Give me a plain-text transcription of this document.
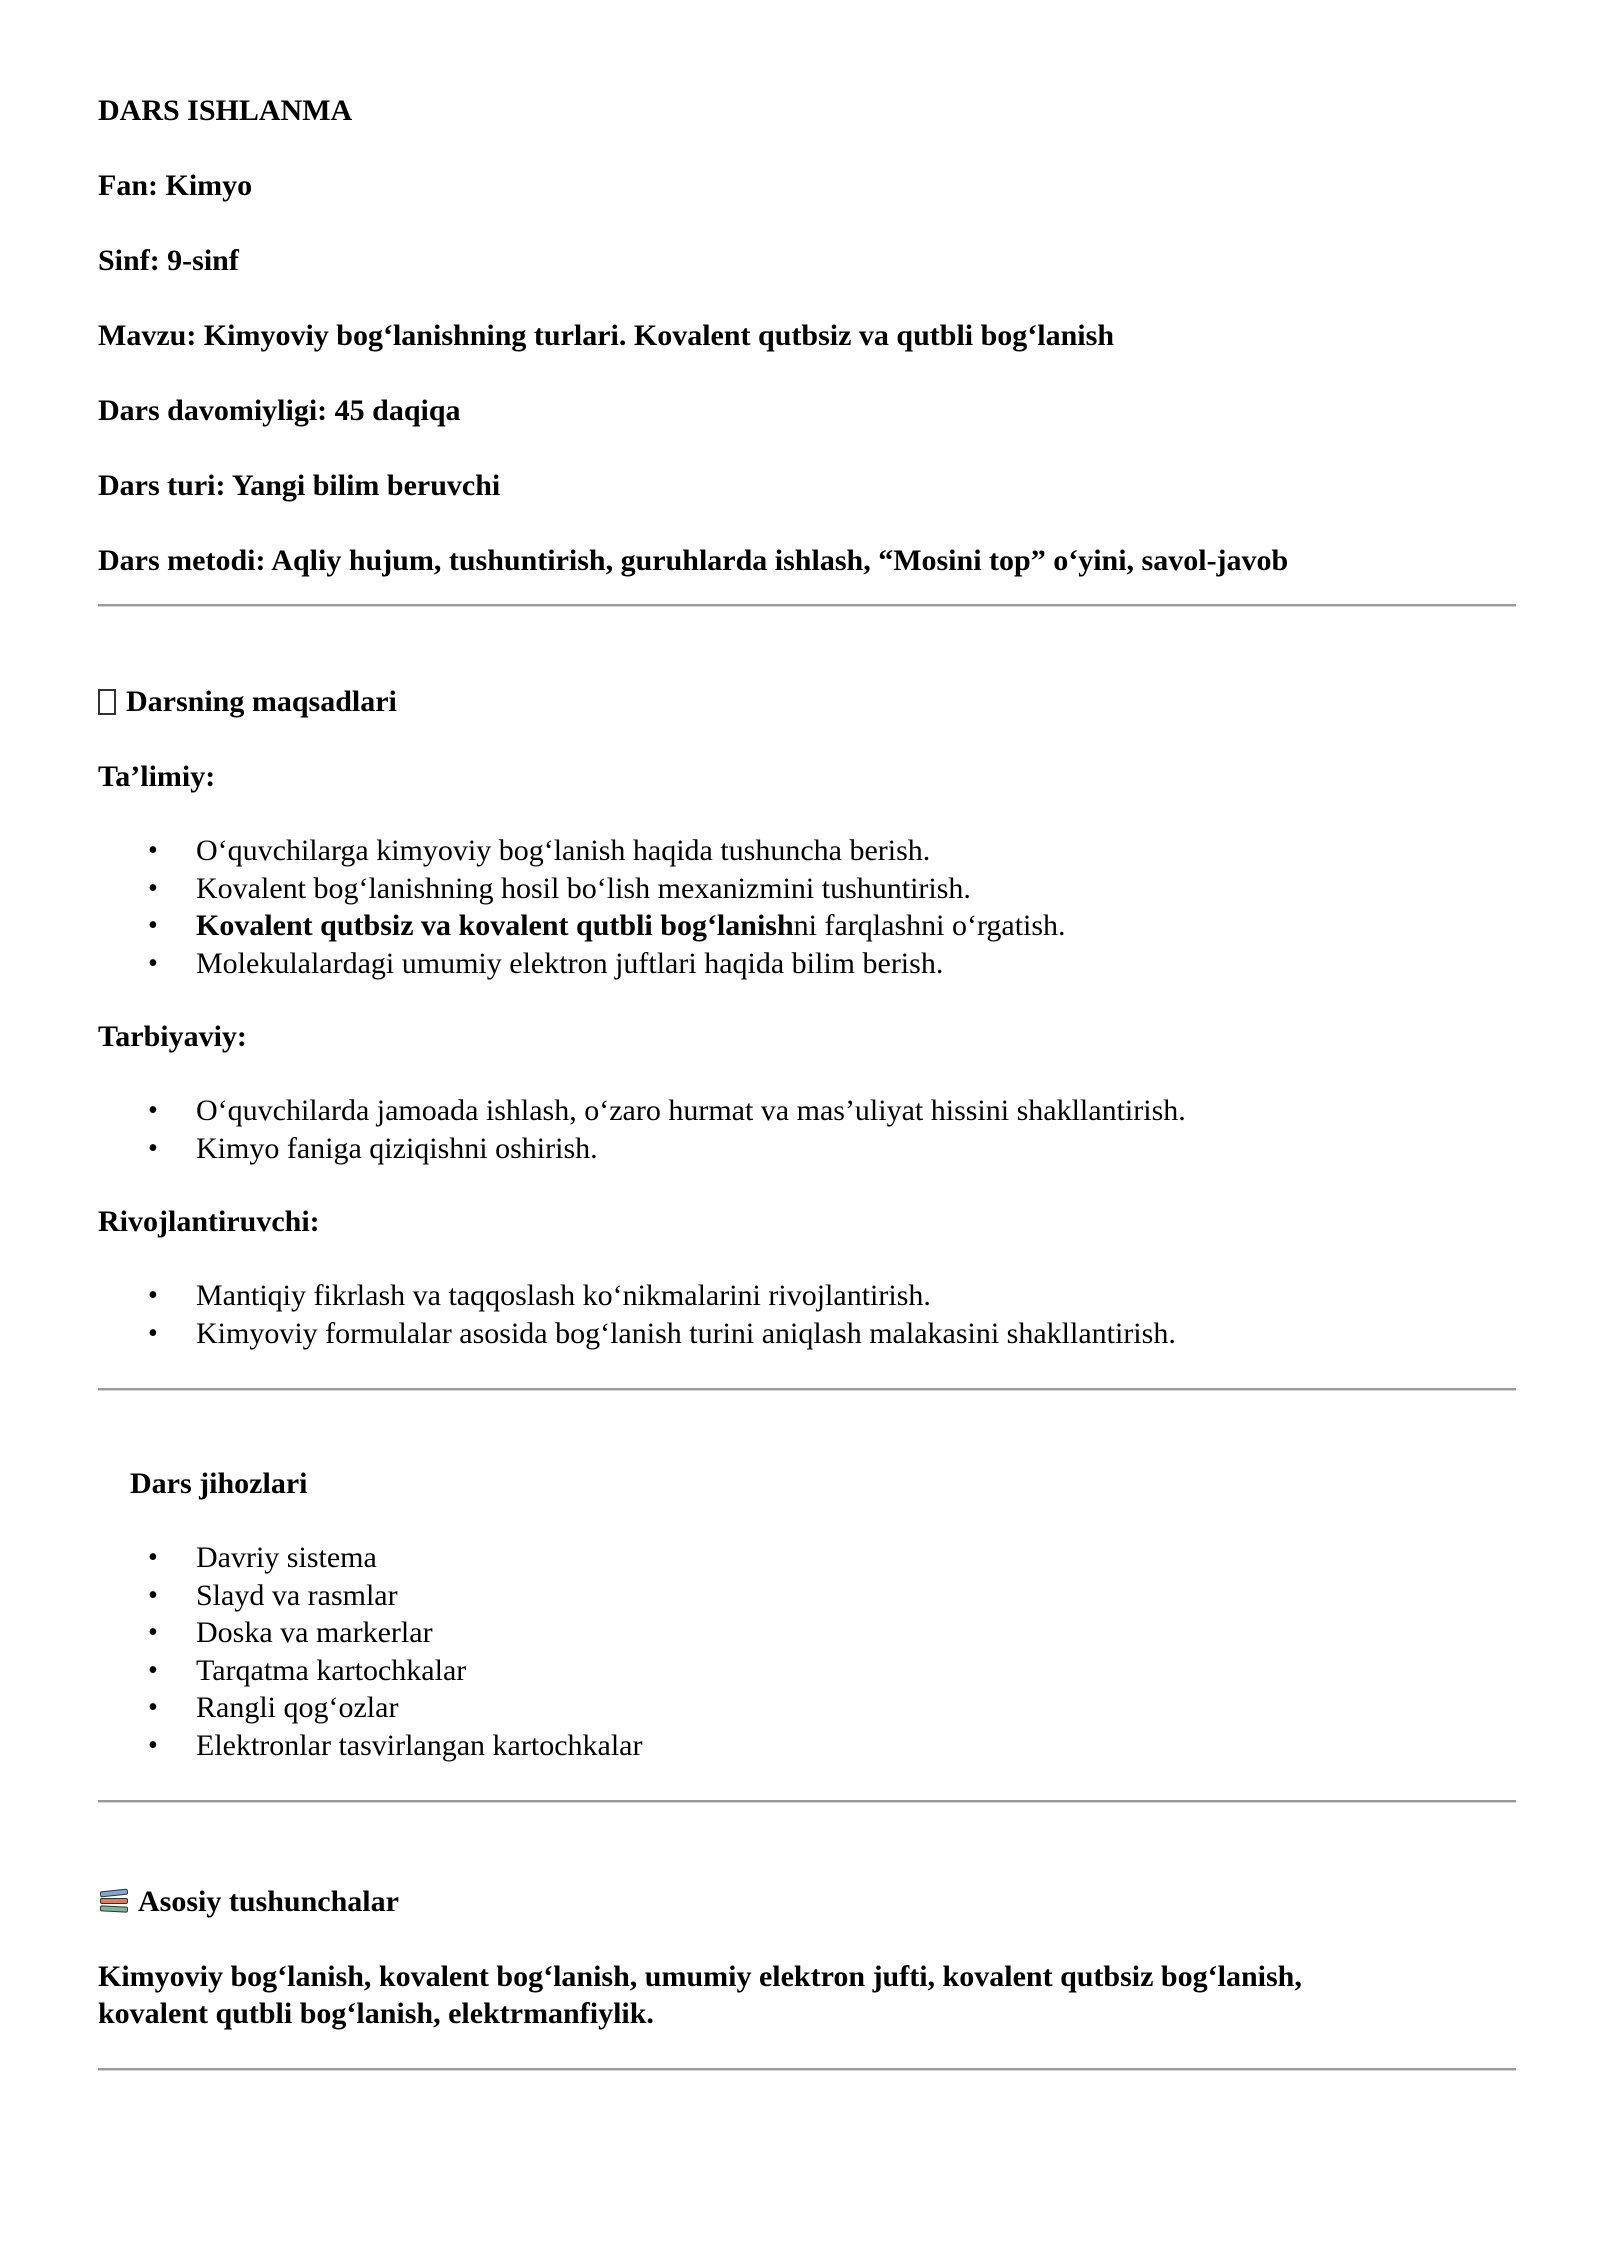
DARS ISHLANMA

Fan: Kimyo

Sinf: 9-sinf

Mavzu: Kimyoviy bog‘lanishning turlari. Kovalent qutbsiz va qutbli bog‘lanish

Dars davomiyligi: 45 daqiqa

Dars turi: Yangi bilim beruvchi

Dars metodi: Aqliy hujum, tushuntirish, guruhlarda ishlash, “Mosini top” o‘yini, savol-javob

Darsning maqsadlari

Ta’limiy:

• O‘quvchilarga kimyoviy bog‘lanish haqida tushuncha berish.
• Kovalent bog‘lanishning hosil bo‘lish mexanizmini tushuntirish.
• Kovalent qutbsiz va kovalent qutbli bog‘lanishni farqlashni o‘rgatish.
• Molekulalardagi umumiy elektron juftlari haqida bilim berish.

Tarbiyaviy:

• O‘quvchilarda jamoada ishlash, o‘zaro hurmat va mas’uliyat hissini shakllantirish.
• Kimyo faniga qiziqishni oshirish.

Rivojlantiruvchi:

• Mantiqiy fikrlash va taqqoslash ko‘nikmalarini rivojlantirish.
• Kimyoviy formulalar asosida bog‘lanish turini aniqlash malakasini shakllantirish.

Dars jihozlari

• Davriy sistema
• Slayd va rasmlar
• Doska va markerlar
• Tarqatma kartochkalar
• Rangli qog‘ozlar
• Elektronlar tasvirlangan kartochkalar

Asosiy tushunchalar

Kimyoviy bog‘lanish, kovalent bog‘lanish, umumiy elektron jufti, kovalent qutbsiz bog‘lanish,

kovalent qutbli bog‘lanish, elektrmanfiylik.
